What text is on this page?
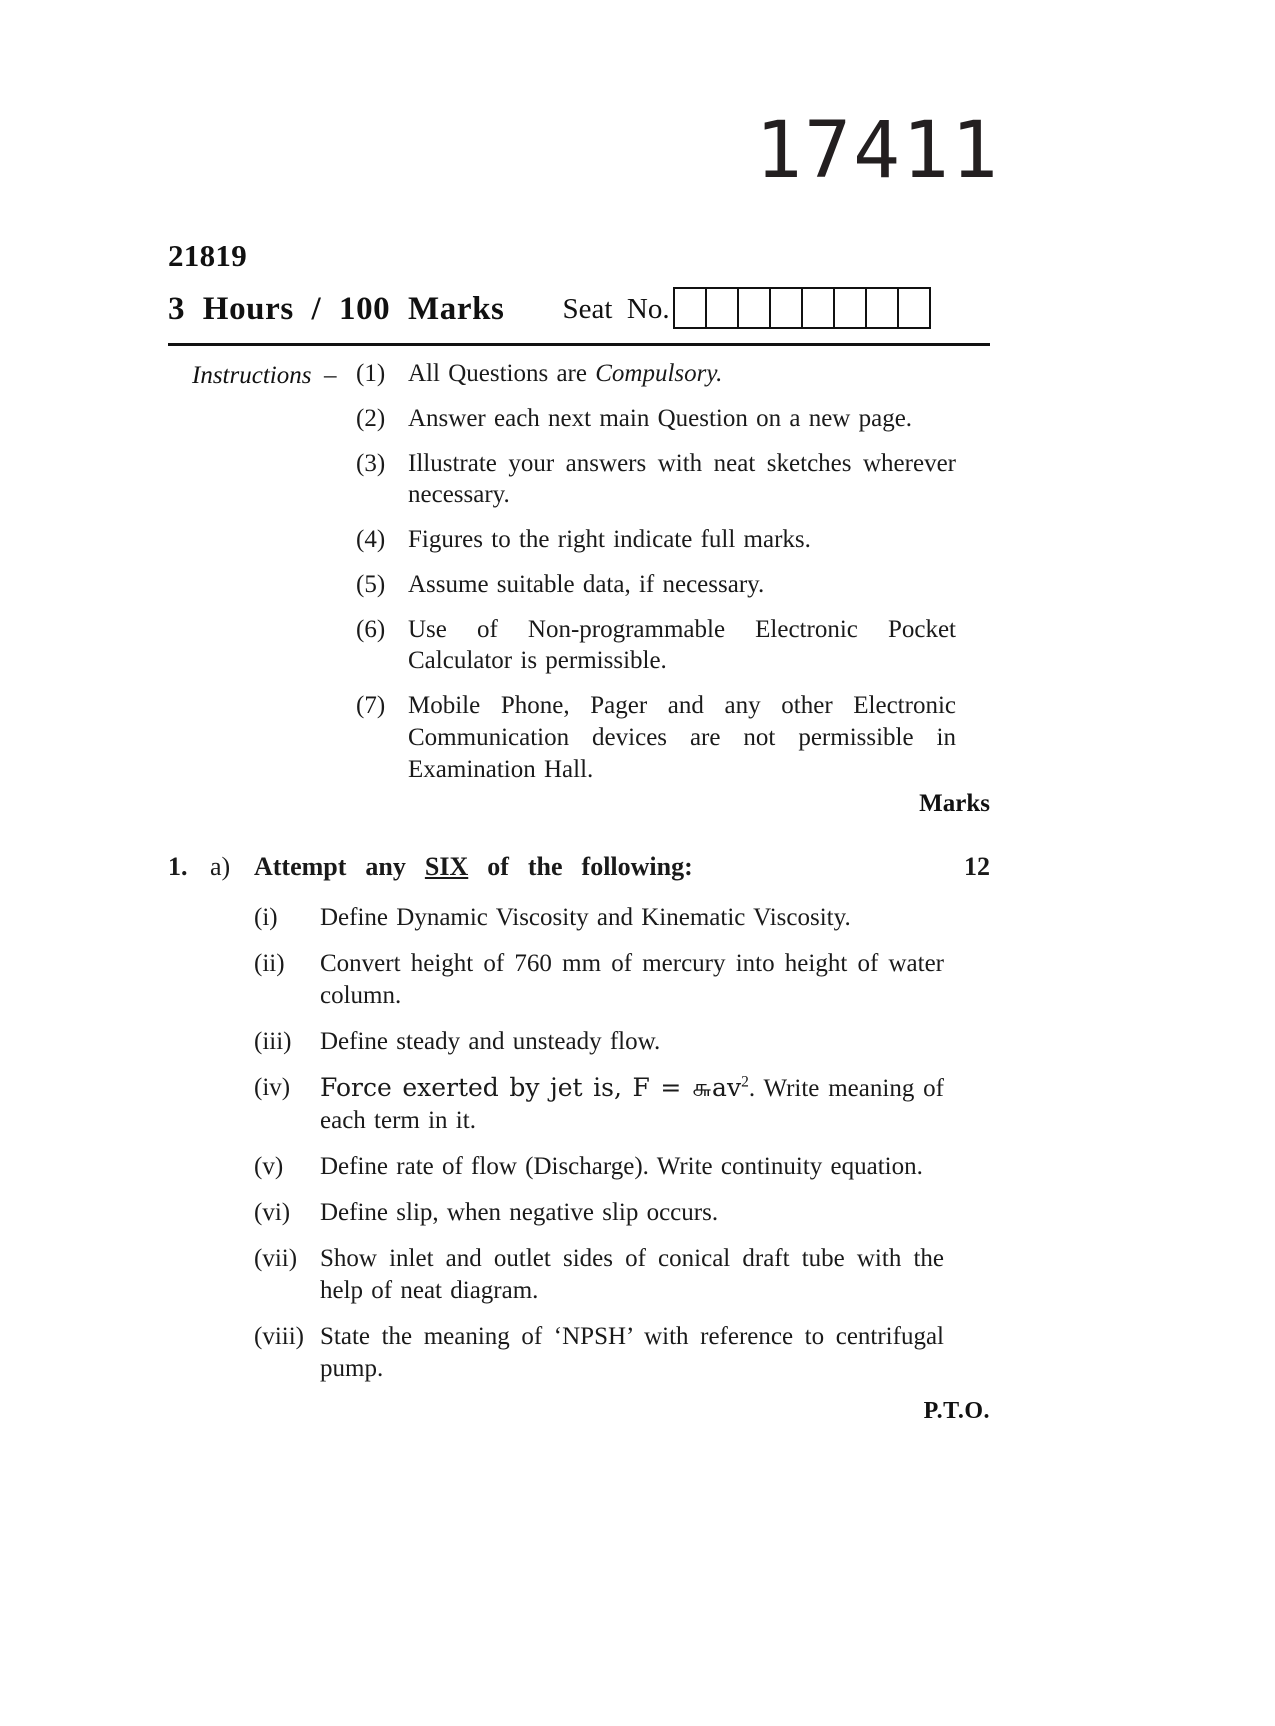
17411
21819
3  Hours  /  100  Marks Seat  No.
Instructions  – (1) All Questions are Compulsory.
(2) Answer each next main Question on a new page.
(3) Illustrate your answers with neat sketches wherever necessary.
(4) Figures to the right indicate full marks.
(5) Assume suitable data, if necessary.
(6) Use of Non-programmable Electronic Pocket Calculator is permissible.
(7) Mobile Phone, Pager and any other Electronic Communication devices are not permissible in Examination Hall.
Marks
1. a) Attempt  any  SIX  of  the  following:	12
(i)	Define Dynamic Viscosity and Kinematic Viscosity.
(ii)	Convert height of 760 mm of mercury into height of water column.
(iii)	Define steady and unsteady flow.
(iv)	Force exerted by jet is, $F = ௬av^2$. Write meaning of each term in it.
(v)	Define rate of flow (Discharge). Write continuity equation.
(vi)	Define slip, when negative slip occurs.
(vii) Show inlet and outlet sides of conical draft tube with the help of neat diagram.
(viii) State the meaning of ‘NPSH’ with reference to centrifugal pump.
P.T.O.
